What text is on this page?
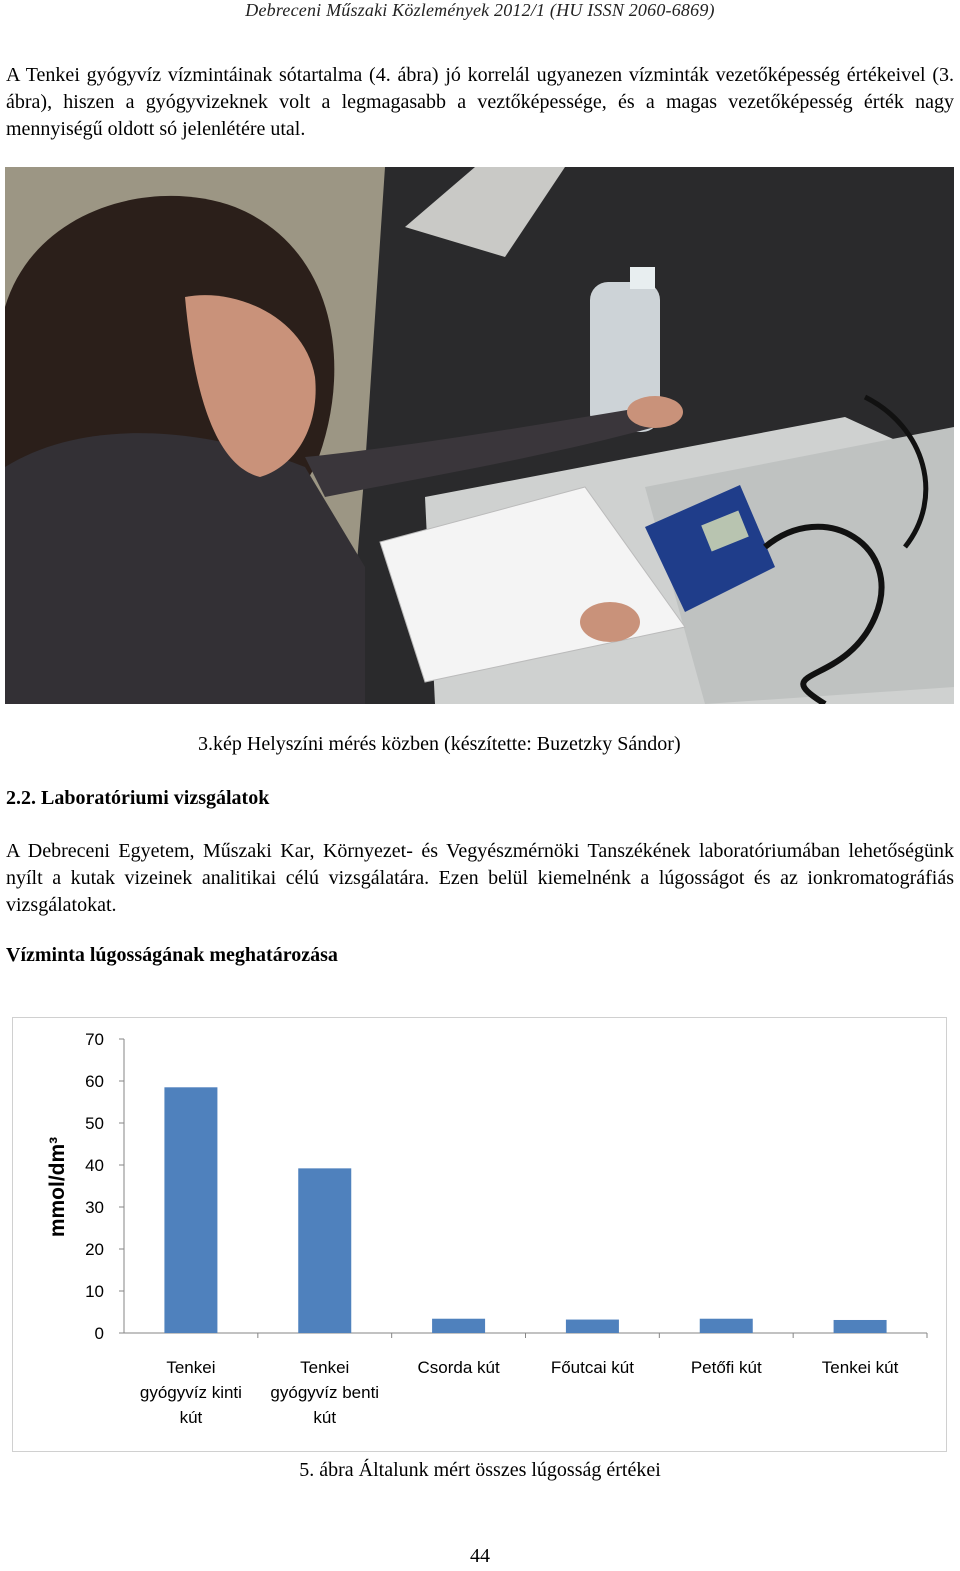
Debreceni Műszaki Közlemények 2012/1 (HU ISSN 2060-6869)
A Tenkei gyógyvíz vízmintáinak sótartalma (4. ábra) jó korrelál ugyanezen vízminták vezetőképesség értékeivel (3. ábra), hiszen a gyógyvizeknek volt a legmagasabb a veztőképessége, és a magas vezetőképesség érték nagy mennyiségű oldott só jelenlétére utal.
3.kép Helyszíni mérés közben (készítette: Buzetzky Sándor)
2.2. Laboratóriumi vizsgálatok
A Debreceni Egyetem, Műszaki Kar, Környezet- és Vegyészmérnöki Tanszékének laboratóriumában lehetőségünk nyílt a kutak vizeinek analitikai célú vizsgálatára. Ezen belül kiemelnénk a lúgosságot és az ionkromatográfiás vizsgálatokat.
Vízminta lúgosságának meghatározása
mmol/dm³
Tenkei gyógyvíz kinti kút
Tenkei gyógyvíz benti kút
Csorda kút	Főutcai kút	Petőfi kút	Tenkei kút
0
10
20
30
40
50
60
70
5. ábra Általunk mért összes lúgosság értékei
44
